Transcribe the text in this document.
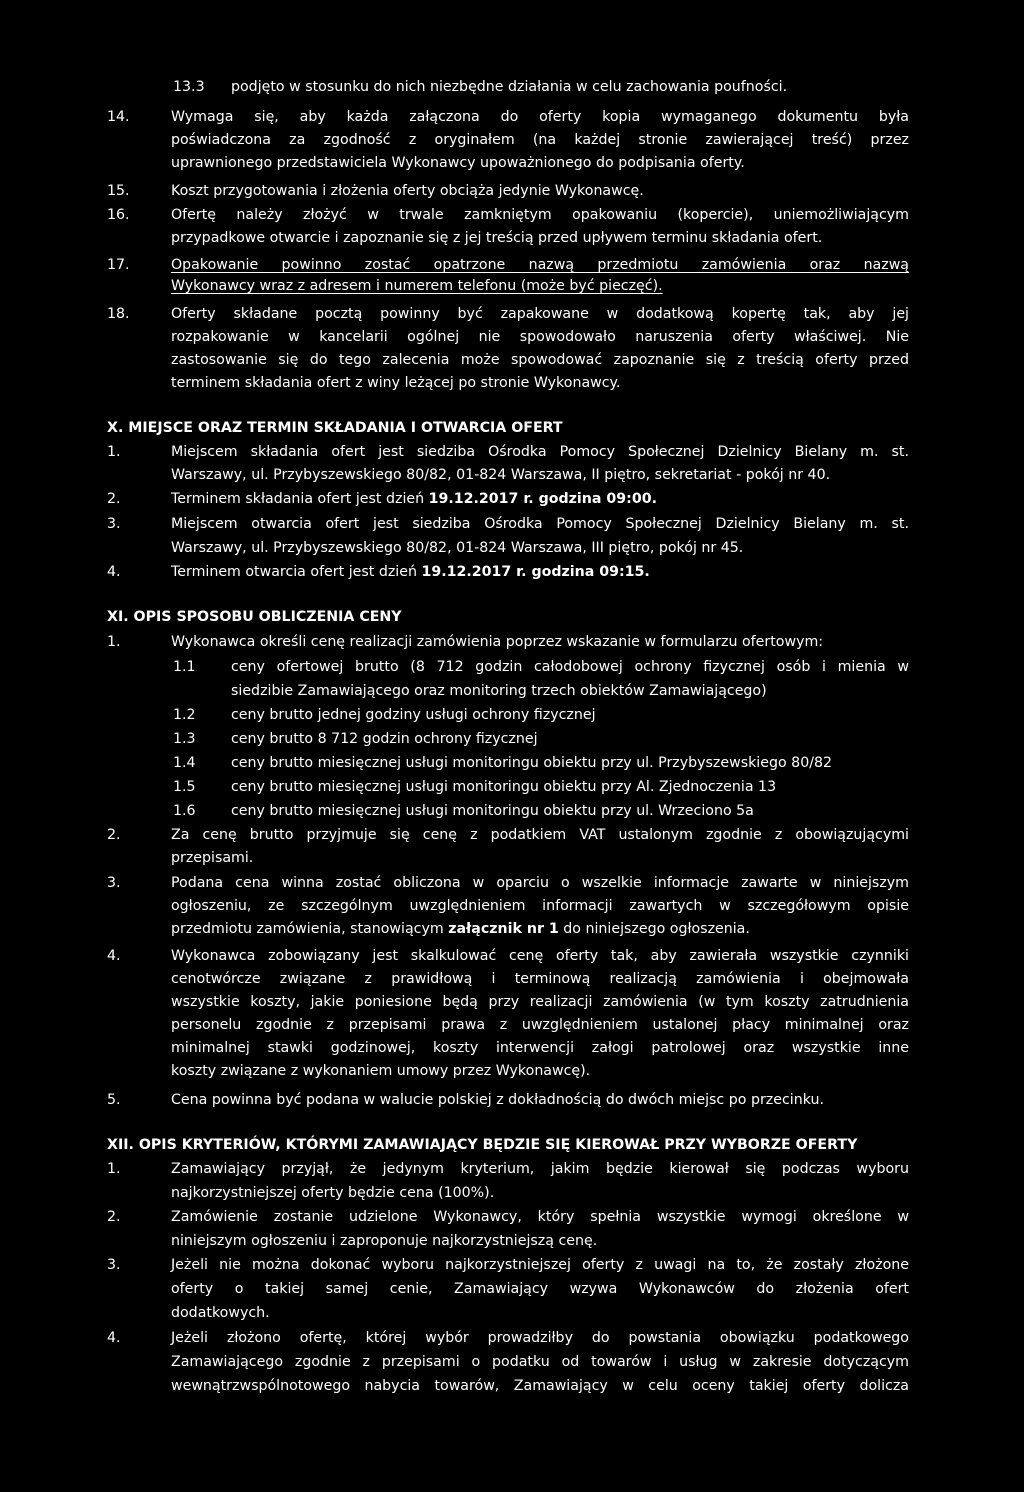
13.3 podjęto w stosunku do nich niezbędne działania w celu zachowania poufności.
14.	Wymaga się, aby każda załączona do oferty kopia wymaganego dokumentu była
poświadczona za zgodność z oryginałem (na każdej stronie zawierającej treść) przez
uprawnionego przedstawiciela Wykonawcy upoważnionego do podpisania oferty.
15.	Koszt przygotowania i złożenia oferty obciąża jedynie Wykonawcę.
16.	Ofertę należy złożyć w trwale zamkniętym opakowaniu (kopercie), uniemożliwiającym
przypadkowe otwarcie i zapoznanie się z jej treścią przed upływem terminu składania ofert.
17.	Opakowanie powinno zostać opatrzone nazwą przedmiotu zamówienia oraz nazwą
Wykonawcy wraz z adresem i numerem telefonu (może być pieczęć).
18.	Oferty składane pocztą powinny być zapakowane w dodatkową kopertę tak, aby jej
rozpakowanie w kancelarii ogólnej nie spowodowało naruszenia oferty właściwej. Nie
zastosowanie się do tego zalecenia może spowodować zapoznanie się z treścią oferty przed
terminem składania ofert z winy leżącej po stronie Wykonawcy.
X. MIEJSCE ORAZ TERMIN SKŁADANIA I OTWARCIA OFERT
1.	Miejscem składania ofert jest siedziba Ośrodka Pomocy Społecznej Dzielnicy Bielany m. st.
Warszawy, ul. Przybyszewskiego 80/82, 01-824 Warszawa, II piętro, sekretariat - pokój nr 40.
2.	Terminem składania ofert jest dzień 19.12.2017 r. godzina 09:00.
3.	Miejscem otwarcia ofert jest siedziba Ośrodka Pomocy Społecznej Dzielnicy Bielany m. st.
Warszawy, ul. Przybyszewskiego 80/82, 01-824 Warszawa, III piętro, pokój nr 45.
4.	Terminem otwarcia ofert jest dzień 19.12.2017 r. godzina 09:15.
XI. OPIS SPOSOBU OBLICZENIA CENY
1.	Wykonawca określi cenę realizacji zamówienia poprzez wskazanie w formularzu ofertowym:
1.1 ceny ofertowej brutto (8 712 godzin całodobowej ochrony fizycznej osób i mienia w
siedzibie Zamawiającego oraz monitoring trzech obiektów Zamawiającego)
1.2 ceny brutto jednej godziny usługi ochrony fizycznej
1.3 ceny brutto 8 712 godzin ochrony fizycznej
1.4 ceny brutto miesięcznej usługi monitoringu obiektu przy ul. Przybyszewskiego 80/82
1.5 ceny brutto miesięcznej usługi monitoringu obiektu przy Al. Zjednoczenia 13
1.6 ceny brutto miesięcznej usługi monitoringu obiektu przy ul. Wrzeciono 5a
2.	Za cenę brutto przyjmuje się cenę z podatkiem VAT ustalonym zgodnie z obowiązującymi
przepisami.
3.	Podana cena winna zostać obliczona w oparciu o wszelkie informacje zawarte w niniejszym
ogłoszeniu, ze szczególnym uwzględnieniem informacji zawartych w szczegółowym opisie
przedmiotu zamówienia, stanowiącym załącznik nr 1 do niniejszego ogłoszenia.
4.	Wykonawca zobowiązany jest skalkulować cenę oferty tak, aby zawierała wszystkie czynniki
cenotwórcze związane z prawidłową i terminową realizacją zamówienia i obejmowała
wszystkie koszty, jakie poniesione będą przy realizacji zamówienia (w tym koszty zatrudnienia
personelu zgodnie z przepisami prawa z uwzględnieniem ustalonej płacy minimalnej oraz
minimalnej stawki godzinowej, koszty interwencji załogi patrolowej oraz wszystkie inne
koszty związane z wykonaniem umowy przez Wykonawcę).
5.	Cena powinna być podana w walucie polskiej z dokładnością do dwóch miejsc po przecinku.
XII. OPIS KRYTERIÓW, KTÓRYMI ZAMAWIAJĄCY BĘDZIE SIĘ KIEROWAŁ PRZY WYBORZE OFERTY
1.	Zamawiający przyjął, że jedynym kryterium, jakim będzie kierował się podczas wyboru
najkorzystniejszej oferty będzie cena (100%).
2.	Zamówienie zostanie udzielone Wykonawcy, który spełnia wszystkie wymogi określone w
niniejszym ogłoszeniu i zaproponuje najkorzystniejszą cenę.
3.	Jeżeli nie można dokonać wyboru najkorzystniejszej oferty z uwagi na to, że zostały złożone
oferty o takiej samej cenie, Zamawiający wzywa Wykonawców do złożenia ofert
dodatkowych.
4.	Jeżeli złożono ofertę, której wybór prowadziłby do powstania obowiązku podatkowego
Zamawiającego zgodnie z przepisami o podatku od towarów i usług w zakresie dotyczącym
wewnątrzwspólnotowego nabycia towarów, Zamawiający w celu oceny takiej oferty dolicza
